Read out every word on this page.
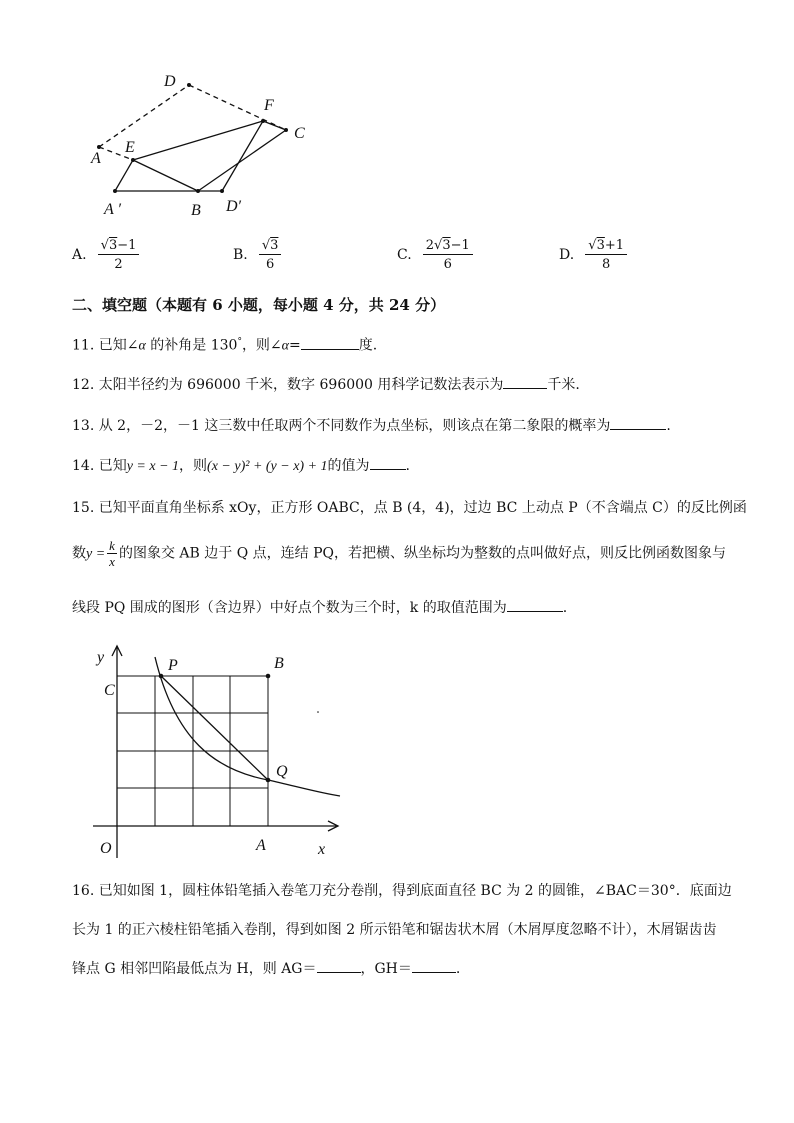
D
F
C
A
E
A ′	B D′
A. $\frac{√3-1}{2}$	B. $\frac{√3}{6}$	C. $\frac{2√3-1}{6}$	D. $\frac{√3+1}{8}$
二、填空题（本题有 6 小题，每小题 4 分，共 24 分）
11. 已知∠α 的补角是 130°，则∠α=	度.
12. 太阳半径约为 696000 千米，数字 696000 用科学记数法表示为	千米.
13. 从 2，－2，－1 这三数中任取两个不同数作为点坐标，则该点在第二象限的概率为	.
14. 已知y = x − 1，则(x − y)² + (y − x) + 1的值为	.
15. 已知平面直角坐标系 xOy，正方形 OABC，点 B (4，4)，过边 BC 上动点 P（不含端点 C）的反比例函
数$y = \frac{k}{x}$ 的图象交 AB 边于 Q 点，连结 PQ，若把横、纵坐标均为整数的点叫做好点，则反比例函数图象与
线段 PQ 围成的图形（含边界）中好点个数为三个时，k 的取值范围为	.
y	P	B
C
Q
O	A	x
16. 已知如图 1，圆柱体铅笔插入卷笔刀充分卷削，得到底面直径 BC 为 2 的圆锥，∠BAC＝30°．底面边
长为 1 的正六棱柱铅笔插入卷削，得到如图 2 所示铅笔和锯齿状木屑（木屑厚度忽略不计），木屑锯齿齿
锋点 G 相邻凹陷最低点为 H，则 AG＝	，GH＝	.
